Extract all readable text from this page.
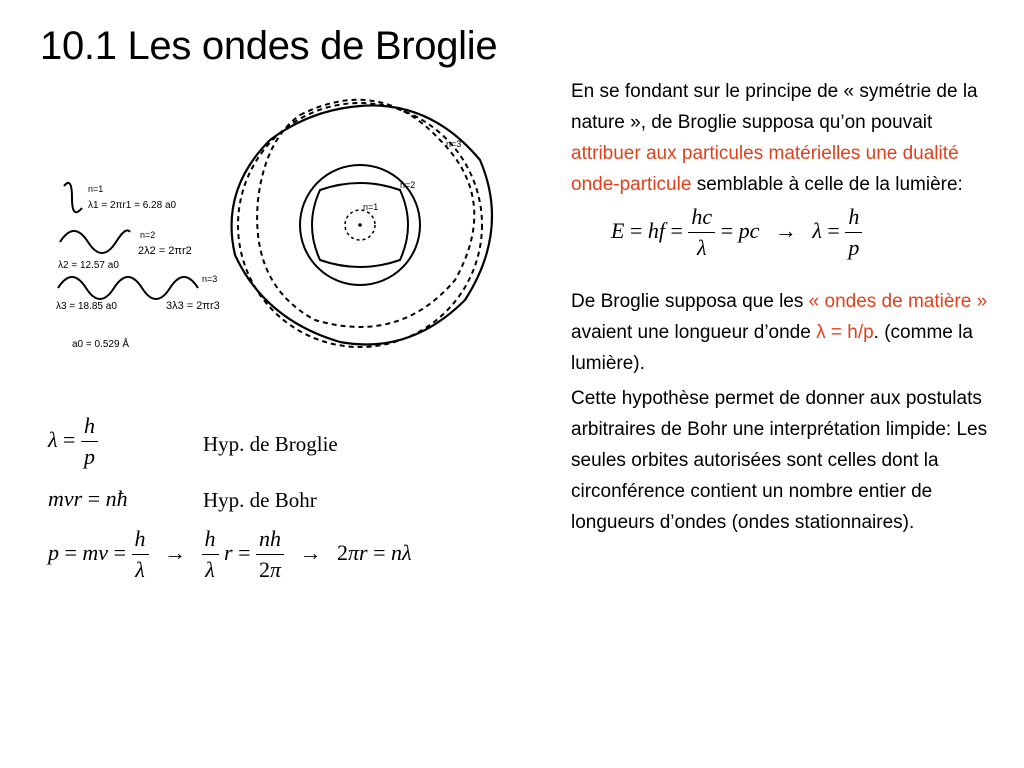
10.1 Les ondes de Broglie
n=1
λ1 = 2πr1 = 6.28 a0
n=2
2λ2 = 2πr2
λ2 = 12.57 a0
n=3
λ3 = 18.85 a0	3λ3 = 2πr3
a0 = 0.529 Å
n=1
n=2
n=3
$\lambda = \frac{h}{p}$	Hyp. de Broglie
mvr = nħ	Hyp. de Bohr
p = mv = $\frac{h}{\lambda} \to \frac{h}{\lambda}$ $r = \frac{nh}{2\pi} \to 2\pi r = n\lambda$

En se fondant sur le principe de « symétrie de la nature », de Broglie supposa qu’on pouvait attribuer aux particules matérielles une dualité onde-particule semblable à celle de la lumière:

E = hf = $\frac{hc}{\lambda}$ = pc → $\lambda = \frac{h}{p}$

De Broglie supposa que les « ondes de matière » avaient une longueur d’onde λ = h/p. (comme la lumière).

Cette hypothèse permet de donner aux postulats arbitraires de Bohr une interprétation limpide: Les seules orbites autorisées sont celles dont la circonférence contient un nombre entier de longueurs d’ondes (ondes stationnaires).
